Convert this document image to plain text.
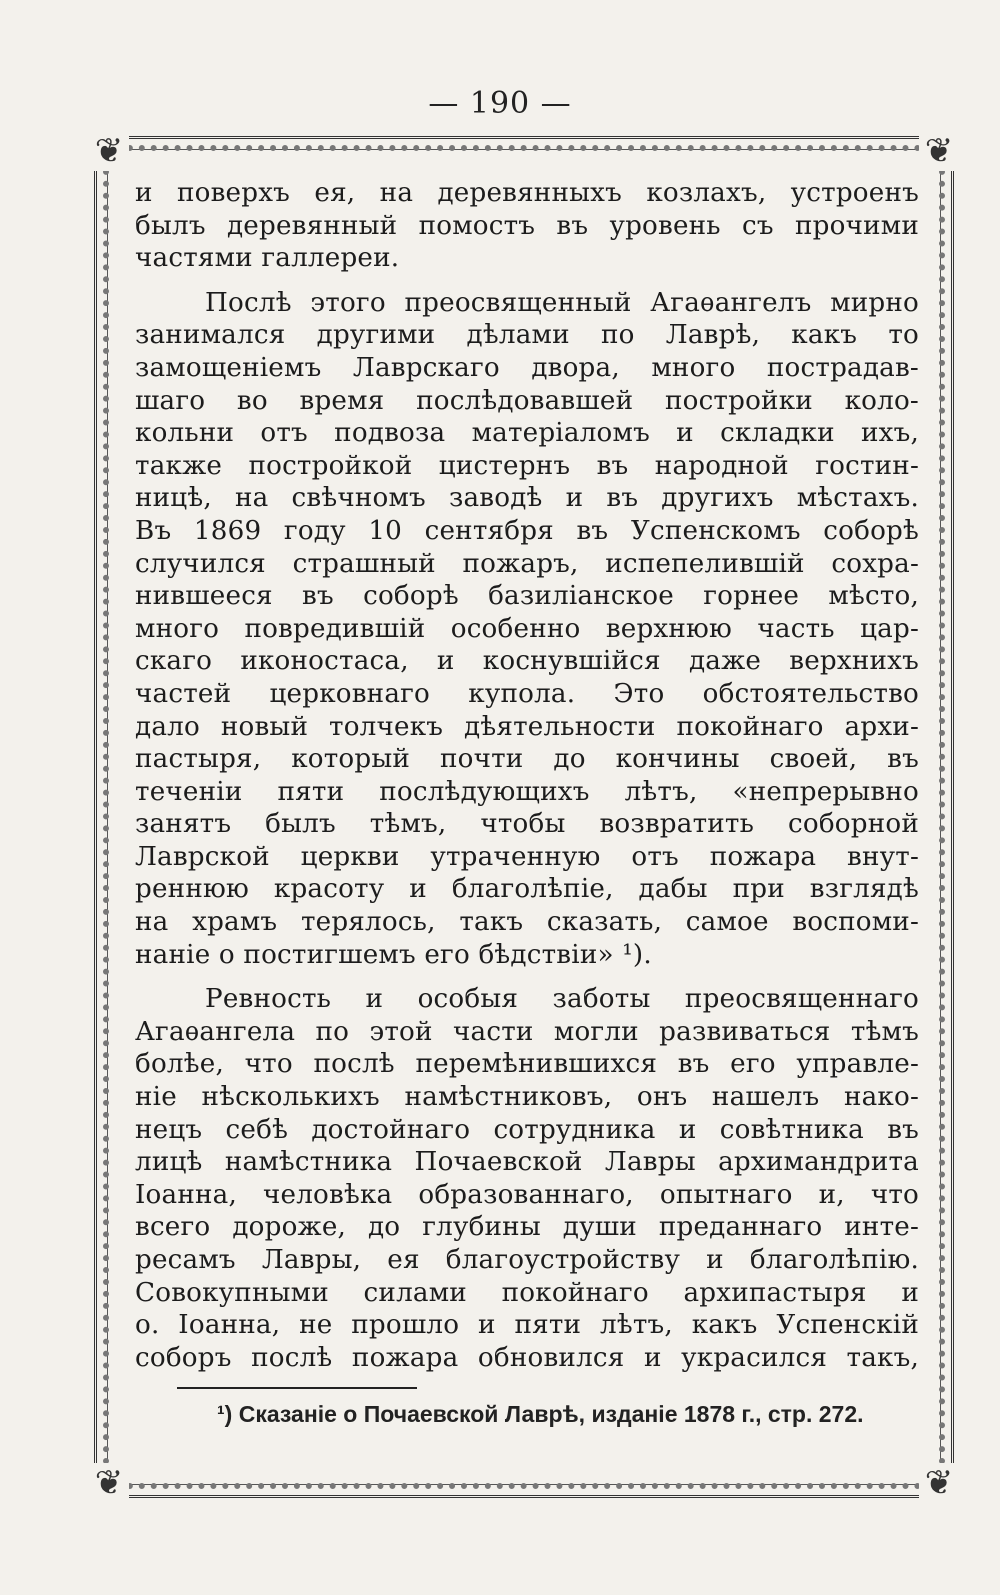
— 190 —
❦	❦
❦	❦
и поверхъ ея, на деревянныхъ козлахъ, устроенъ
былъ деревянный помостъ въ уровень съ прочими
частями галлереи.
Послѣ этого преосвященный Агаѳангелъ мирно
занимался другими дѣлами по Лаврѣ, какъ то
замощеніемъ Лаврскаго двора, много пострадав-
шаго во время послѣдовавшей постройки коло-
кольни отъ подвоза матеріаломъ и складки ихъ,
также постройкой цистернъ въ народной гостин-
ницѣ, на свѣчномъ заводѣ и въ другихъ мѣстахъ.
Въ 1869 году 10 сентября въ Успенскомъ соборѣ
случился страшный пожаръ, испепелившій сохра-
нившееся въ соборѣ базиліанское горнее мѣсто,
много повредившій особенно верхнюю часть цар-
скаго иконостаса, и коснувшійся даже верхнихъ
частей церковнаго купола. Это обстоятельство
дало новый толчекъ дѣятельности покойнаго архи-
пастыря, который почти до кончины своей, въ
теченіи пяти послѣдующихъ лѣтъ, «непрерывно
занятъ былъ тѣмъ, чтобы возвратить соборной
Лаврской церкви утраченную отъ пожара внут-
реннюю красоту и благолѣпіе, дабы при взглядѣ
на храмъ терялось, такъ сказать, самое воспоми-
наніе о постигшемъ его бѣдствіи» ¹).
Ревность и особыя заботы преосвященнаго
Агаѳангела по этой части могли развиваться тѣмъ
болѣе, что послѣ перемѣнившихся въ его управле-
ніе нѣсколькихъ намѣстниковъ, онъ нашелъ нако-
нецъ себѣ достойнаго сотрудника и совѣтника въ
лицѣ намѣстника Почаевской Лавры архимандрита
Іоанна, человѣка образованнаго, опытнаго и, что
всего дороже, до глубины души преданнаго инте-
ресамъ Лавры, ея благоустройству и благолѣпію.
Совокупными силами покойнаго архипастыря и
о. Іоанна, не прошло и пяти лѣтъ, какъ Успенскій
соборъ послѣ пожара обновился и украсился такъ,
¹) Сказаніе о Почаевской Лаврѣ, изданіе 1878 г., стр. 272.
